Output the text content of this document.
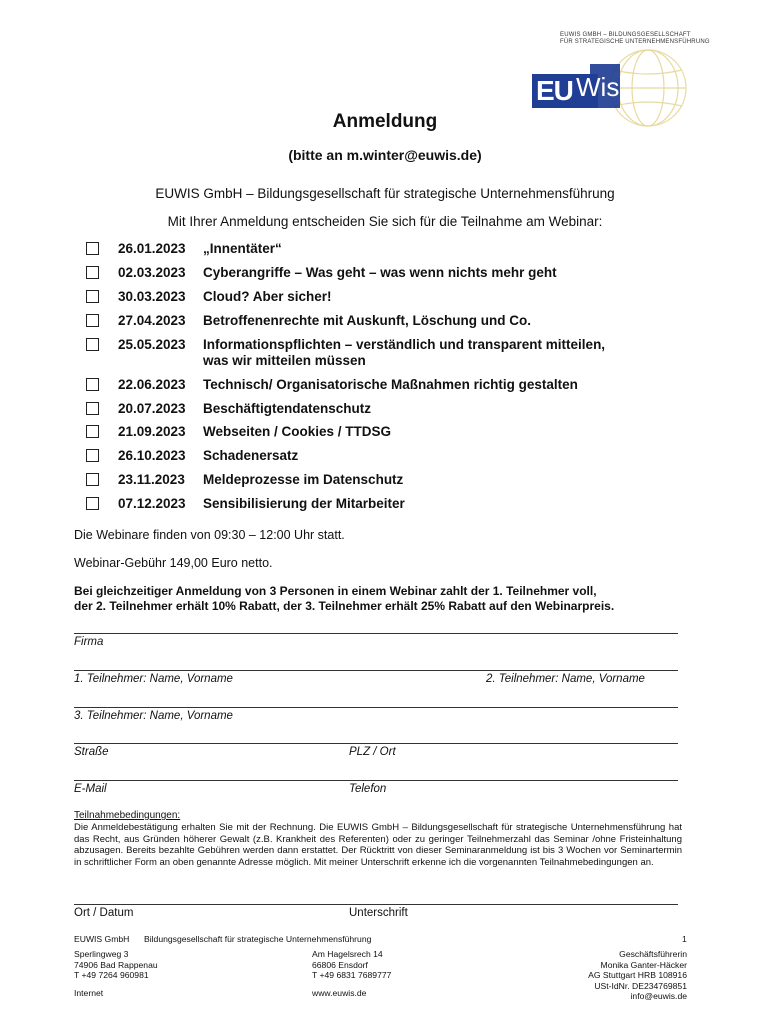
EUWIS GMBH – BILDUNGSGESELLSCHAFT
FÜR STRATEGISCHE UNTERNEHMENSFÜHRUNG
EU Wis
Anmeldung
(bitte an m.winter@euwis.de)
EUWIS GmbH – Bildungsgesellschaft für strategische Unternehmensführung
Mit Ihrer Anmeldung entscheiden Sie sich für die Teilnahme am Webinar:
26.01.2023	„Innentäter“
02.03.2023	Cyberangriffe – Was geht – was wenn nichts mehr geht
30.03.2023	Cloud? Aber sicher!
27.04.2023	Betroffenenrechte mit Auskunft, Löschung und Co.
25.05.2023	Informationspflichten – verständlich und transparent mitteilen,
was wir mitteilen müssen
22.06.2023	Technisch/ Organisatorische Maßnahmen richtig gestalten
20.07.2023	Beschäftigtendatenschutz
21.09.2023	Webseiten / Cookies / TTDSG
26.10.2023	Schadenersatz
23.11.2023	Meldeprozesse im Datenschutz
07.12.2023	Sensibilisierung der Mitarbeiter
Die Webinare finden von 09:30 – 12:00 Uhr statt.
Webinar-Gebühr 149,00 Euro netto.
Bei gleichzeitiger Anmeldung von 3 Personen in einem Webinar zahlt der 1. Teilnehmer voll,
der 2. Teilnehmer erhält 10% Rabatt, der 3. Teilnehmer erhält 25% Rabatt auf den Webinarpreis.
Firma
1. Teilnehmer: Name, Vorname	2. Teilnehmer: Name, Vorname
3. Teilnehmer: Name, Vorname
Straße	PLZ / Ort
E-Mail	Telefon
Teilnahmebedingungen:
Die Anmeldebestätigung erhalten Sie mit der Rechnung. Die EUWIS GmbH – Bildungsgesellschaft für strategische Unternehmensführung hat das Recht, aus Gründen höherer Gewalt (z.B. Krankheit des Referenten) oder zu geringer Teilnehmerzahl das Seminar /ohne Fristeinhaltung abzusagen. Bereits bezahlte Gebühren werden dann erstattet. Der Rücktritt von dieser Seminaranmeldung ist bis 3 Wochen vor Seminartermin in schriftlicher Form an oben genannte Adresse möglich. Mit meiner Unterschrift erkenne ich die vorgenannten Teilnahmebedingungen an.
Ort / Datum	Unterschrift
EUWIS GmbH Bildungsgesellschaft für strategische Unternehmensführung	1
Sperlingweg 3
74906 Bad Rappenau
T +49 7264 960981
Am Hagelsrech 14
66806 Ensdorf
T +49 6831 7689777
Geschäftsführerin
Monika Ganter-Häcker
AG Stuttgart HRB 108916
USt-IdNr. DE234769851
info@euwis.de
Internet	www.euwis.de
